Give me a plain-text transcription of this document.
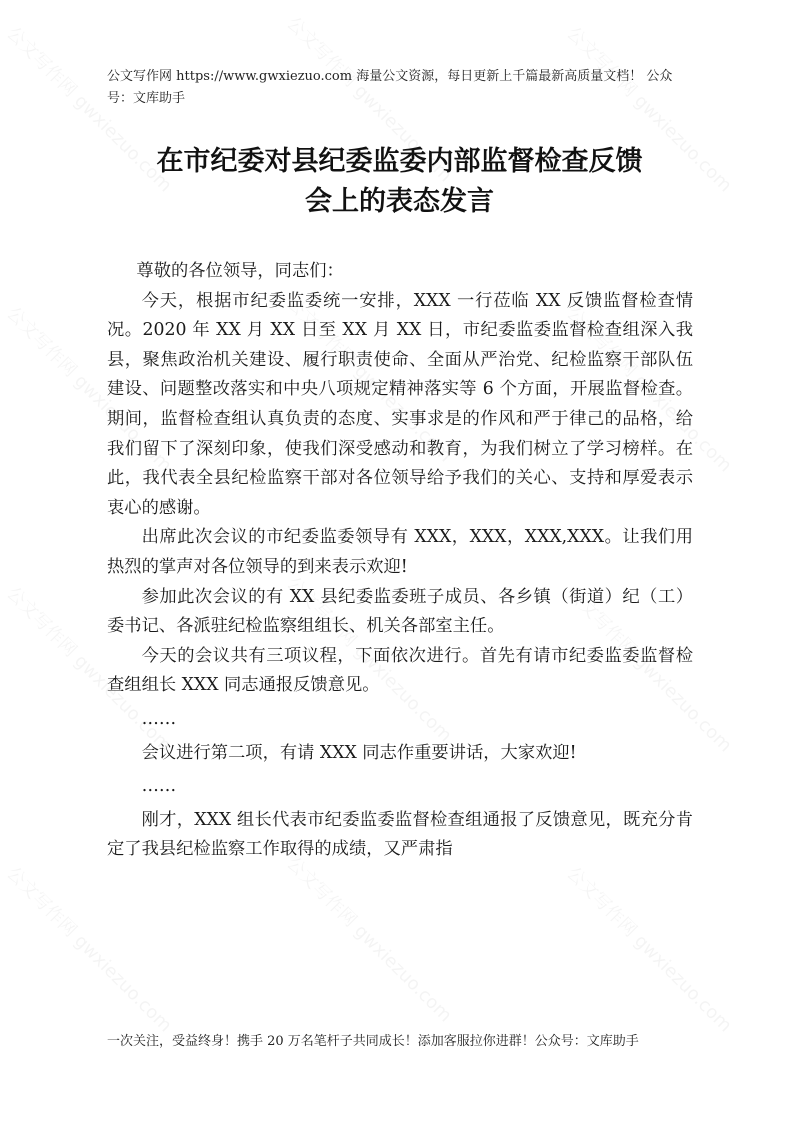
公文写作网 https://www.gwxiezuo.com 海量公文资源，每日更新上千篇最新高质量文档！ 公众号：文库助手
在市纪委对县纪委监委内部监督检查反馈
会上的表态发言

尊敬的各位领导，同志们：

今天，根据市纪委监委统一安排，XXX 一行莅临 XX 反馈监督检查情况。2020 年 XX 月 XX 日至 XX 月 XX 日，市纪委监委监督检查组深入我县，聚焦政治机关建设、履行职责使命、全面从严治党、纪检监察干部队伍建设、问题整改落实和中央八项规定精神落实等 6 个方面，开展监督检查。期间，监督检查组认真负责的态度、实事求是的作风和严于律己的品格，给我们留下了深刻印象，使我们深受感动和教育，为我们树立了学习榜样。在此，我代表全县纪检监察干部对各位领导给予我们的关心、支持和厚爱表示衷心的感谢。

出席此次会议的市纪委监委领导有 XXX，XXX，XXX,XXX。让我们用热烈的掌声对各位领导的到来表示欢迎!

参加此次会议的有 XX 县纪委监委班子成员、各乡镇（街道）纪（工）委书记、各派驻纪检监察组组长、机关各部室主任。

今天的会议共有三项议程，下面依次进行。首先有请市纪委监委监督检查组组长 XXX 同志通报反馈意见。

……

会议进行第二项，有请 XXX 同志作重要讲话，大家欢迎!

……

刚才，XXX 组长代表市纪委监委监督检查组通报了反馈意见，既充分肯定了我县纪检监察工作取得的成绩，又严肃指

一次关注，受益终身！携手 20 万名笔杆子共同成长！添加客服拉你进群！公众号：文库助手
